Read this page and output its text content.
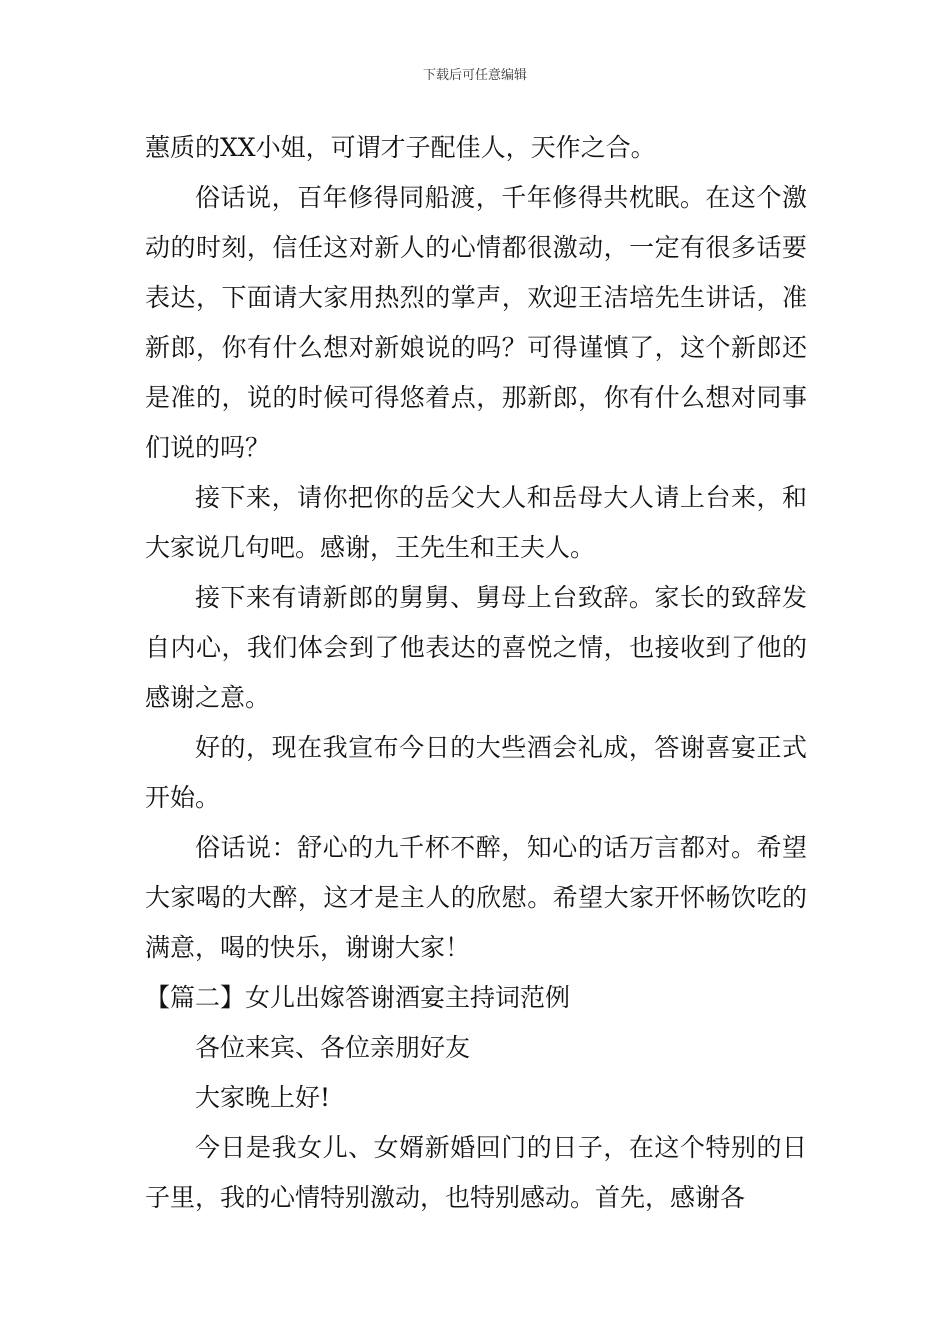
下载后可任意编辑

蕙质的XX小姐，可谓才子配佳人，天作之合。

俗话说，百年修得同船渡，千年修得共枕眠。在这个激动的时刻，信任这对新人的心情都很激动，一定有很多话要表达，下面请大家用热烈的掌声，欢迎王洁培先生讲话，准新郎，你有什么想对新娘说的吗？可得谨慎了，这个新郎还是准的，说的时候可得悠着点，那新郎，你有什么想对同事们说的吗？

接下来，请你把你的岳父大人和岳母大人请上台来，和大家说几句吧。感谢，王先生和王夫人。

接下来有请新郎的舅舅、舅母上台致辞。家长的致辞发自内心，我们体会到了他表达的喜悦之情，也接收到了他的感谢之意。

好的，现在我宣布今日的大些酒会礼成，答谢喜宴正式开始。

俗话说：舒心的九千杯不醉，知心的话万言都对。希望大家喝的大醉，这才是主人的欣慰。希望大家开怀畅饮吃的满意，喝的快乐，谢谢大家！

【篇二】女儿出嫁答谢酒宴主持词范例

各位来宾、各位亲朋好友

大家晚上好!

今日是我女儿、女婿新婚回门的日子，在这个特别的日子里，我的心情特别激动，也特别感动。首先，感谢各
